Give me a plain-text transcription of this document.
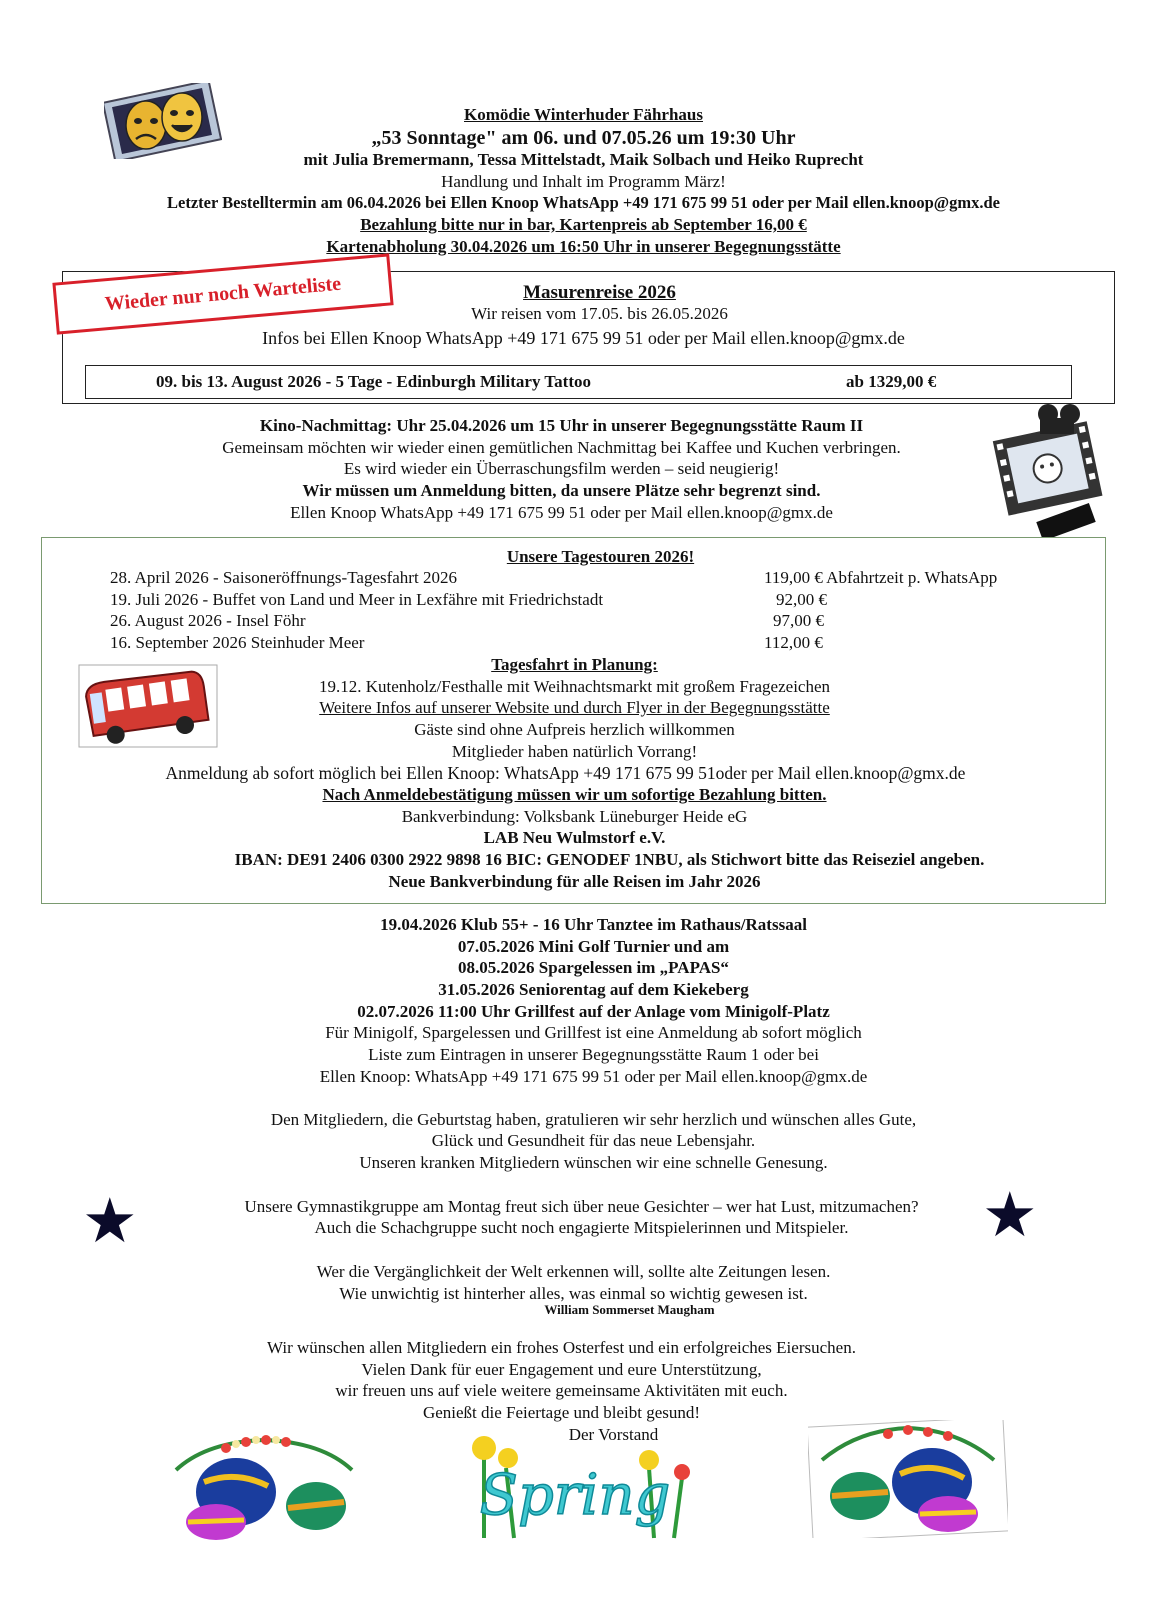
Komödie Winterhuder Fährhaus
„53 Sonntage" am 06. und 07.05.26 um 19:30 Uhr
mit Julia Bremermann, Tessa Mittelstadt, Maik Solbach und Heiko Ruprecht
Handlung und Inhalt im Programm März!
Letzter Bestelltermin am 06.04.2026 bei Ellen Knoop WhatsApp +49 171 675 99 51 oder per Mail ellen.knoop@gmx.de
Bezahlung bitte nur in bar, Kartenpreis ab September 16,00 €
Kartenabholung 30.04.2026 um 16:50 Uhr in unserer Begegnungsstätte
Wieder nur noch Warteliste	Masurenreise 2026
Wir reisen vom 17.05. bis 26.05.2026
Infos bei Ellen Knoop WhatsApp +49 171 675 99 51 oder per Mail ellen.knoop@gmx.de
09. bis 13. August 2026 - 5 Tage - Edinburgh Military Tattoo	ab 1329,00 €
Kino-Nachmittag: Uhr 25.04.2026 um 15 Uhr in unserer Begegnungsstätte Raum II
Gemeinsam möchten wir wieder einen gemütlichen Nachmittag bei Kaffee und Kuchen verbringen.
Es wird wieder ein Überraschungsfilm werden – seid neugierig!
Wir müssen um Anmeldung bitten, da unsere Plätze sehr begrenzt sind.
Ellen Knoop WhatsApp +49 171 675 99 51 oder per Mail ellen.knoop@gmx.de
Unsere Tagestouren 2026!
28. April 2026 - Saisoneröffnungs-Tagesfahrt 2026	119,00 € Abfahrtzeit p. WhatsApp
19. Juli 2026 - Buffet von Land und Meer in Lexfähre mit Friedrichstadt	92,00 €
26. August 2026 - Insel Föhr	97,00 €
16. September 2026 Steinhuder Meer	112,00 €
Tagesfahrt in Planung:
19.12. Kutenholz/Festhalle mit Weihnachtsmarkt mit großem Fragezeichen
Weitere Infos auf unserer Website und durch Flyer in der Begegnungsstätte
Gäste sind ohne Aufpreis herzlich willkommen
Mitglieder haben natürlich Vorrang!
Anmeldung ab sofort möglich bei Ellen Knoop: WhatsApp +49 171 675 99 51oder per Mail ellen.knoop@gmx.de
Nach Anmeldebestätigung müssen wir um sofortige Bezahlung bitten.
Bankverbindung: Volksbank Lüneburger Heide eG
LAB Neu Wulmstorf e.V.
IBAN: DE91 2406 0300 2922 9898 16 BIC: GENODEF 1NBU, als Stichwort bitte das Reiseziel angeben.
Neue Bankverbindung für alle Reisen im Jahr 2026
19.04.2026 Klub 55+ - 16 Uhr Tanztee im Rathaus/Ratssaal
07.05.2026 Mini Golf Turnier und am
08.05.2026 Spargelessen im „PAPAS“
31.05.2026 Seniorentag auf dem Kiekeberg
02.07.2026 11:00 Uhr Grillfest auf der Anlage vom Minigolf-Platz
Für Minigolf, Spargelessen und Grillfest ist eine Anmeldung ab sofort möglich
Liste zum Eintragen in unserer Begegnungsstätte Raum 1 oder bei
Ellen Knoop: WhatsApp +49 171 675 99 51 oder per Mail ellen.knoop@gmx.de
Den Mitgliedern, die Geburtstag haben, gratulieren wir sehr herzlich und wünschen alles Gute,
Glück und Gesundheit für das neue Lebensjahr.
Unseren kranken Mitgliedern wünschen wir eine schnelle Genesung.
★	Unsere Gymnastikgruppe am Montag freut sich über neue Gesichter – wer hat Lust, mitzumachen?
Auch die Schachgruppe sucht noch engagierte Mitspielerinnen und Mitspieler.	★
Wer die Vergänglichkeit der Welt erkennen will, sollte alte Zeitungen lesen.
Wie unwichtig ist hinterher alles, was einmal so wichtig gewesen ist.
William Sommerset Maugham
Wir wünschen allen Mitgliedern ein frohes Osterfest und ein erfolgreiches Eiersuchen.
Vielen Dank für euer Engagement und eure Unterstützung,
wir freuen uns auf viele weitere gemeinsame Aktivitäten mit euch.
Genießt die Feiertage und bleibt gesund!
Der Vorstand
Spring
